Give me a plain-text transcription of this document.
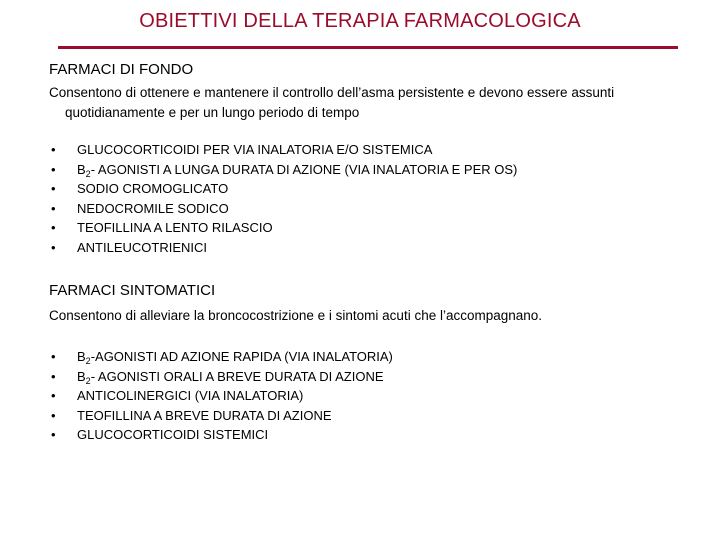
OBIETTIVI DELLA TERAPIA FARMACOLOGICA
FARMACI DI FONDO
Consentono di ottenere e mantenere il controllo dell’asma persistente e devono essere assunti quotidianamente e per un lungo periodo di tempo
• GLUCOCORTICOIDI PER VIA INALATORIA E/O SISTEMICA
• $B_2-$ AGONISTI A LUNGA DURATA DI AZIONE (VIA INALATORIA E PER OS)
• SODIO CROMOGLICATO
• NEDOCROMILE SODICO
• TEOFILLINA A LENTO RILASCIO
• ANTILEUCOTRIENICI
FARMACI SINTOMATICI
Consentono di alleviare la broncocostrizione e i sintomi acuti che l’accompagnano.
• $B_2$-AGONISTI AD AZIONE RAPIDA (VIA INALATORIA)
• $B_2-$ AGONISTI ORALI A BREVE DURATA DI AZIONE
• ANTICOLINERGICI (VIA INALATORIA)
• TEOFILLINA A BREVE DURATA DI AZIONE
• GLUCOCORTICOIDI SISTEMICI
